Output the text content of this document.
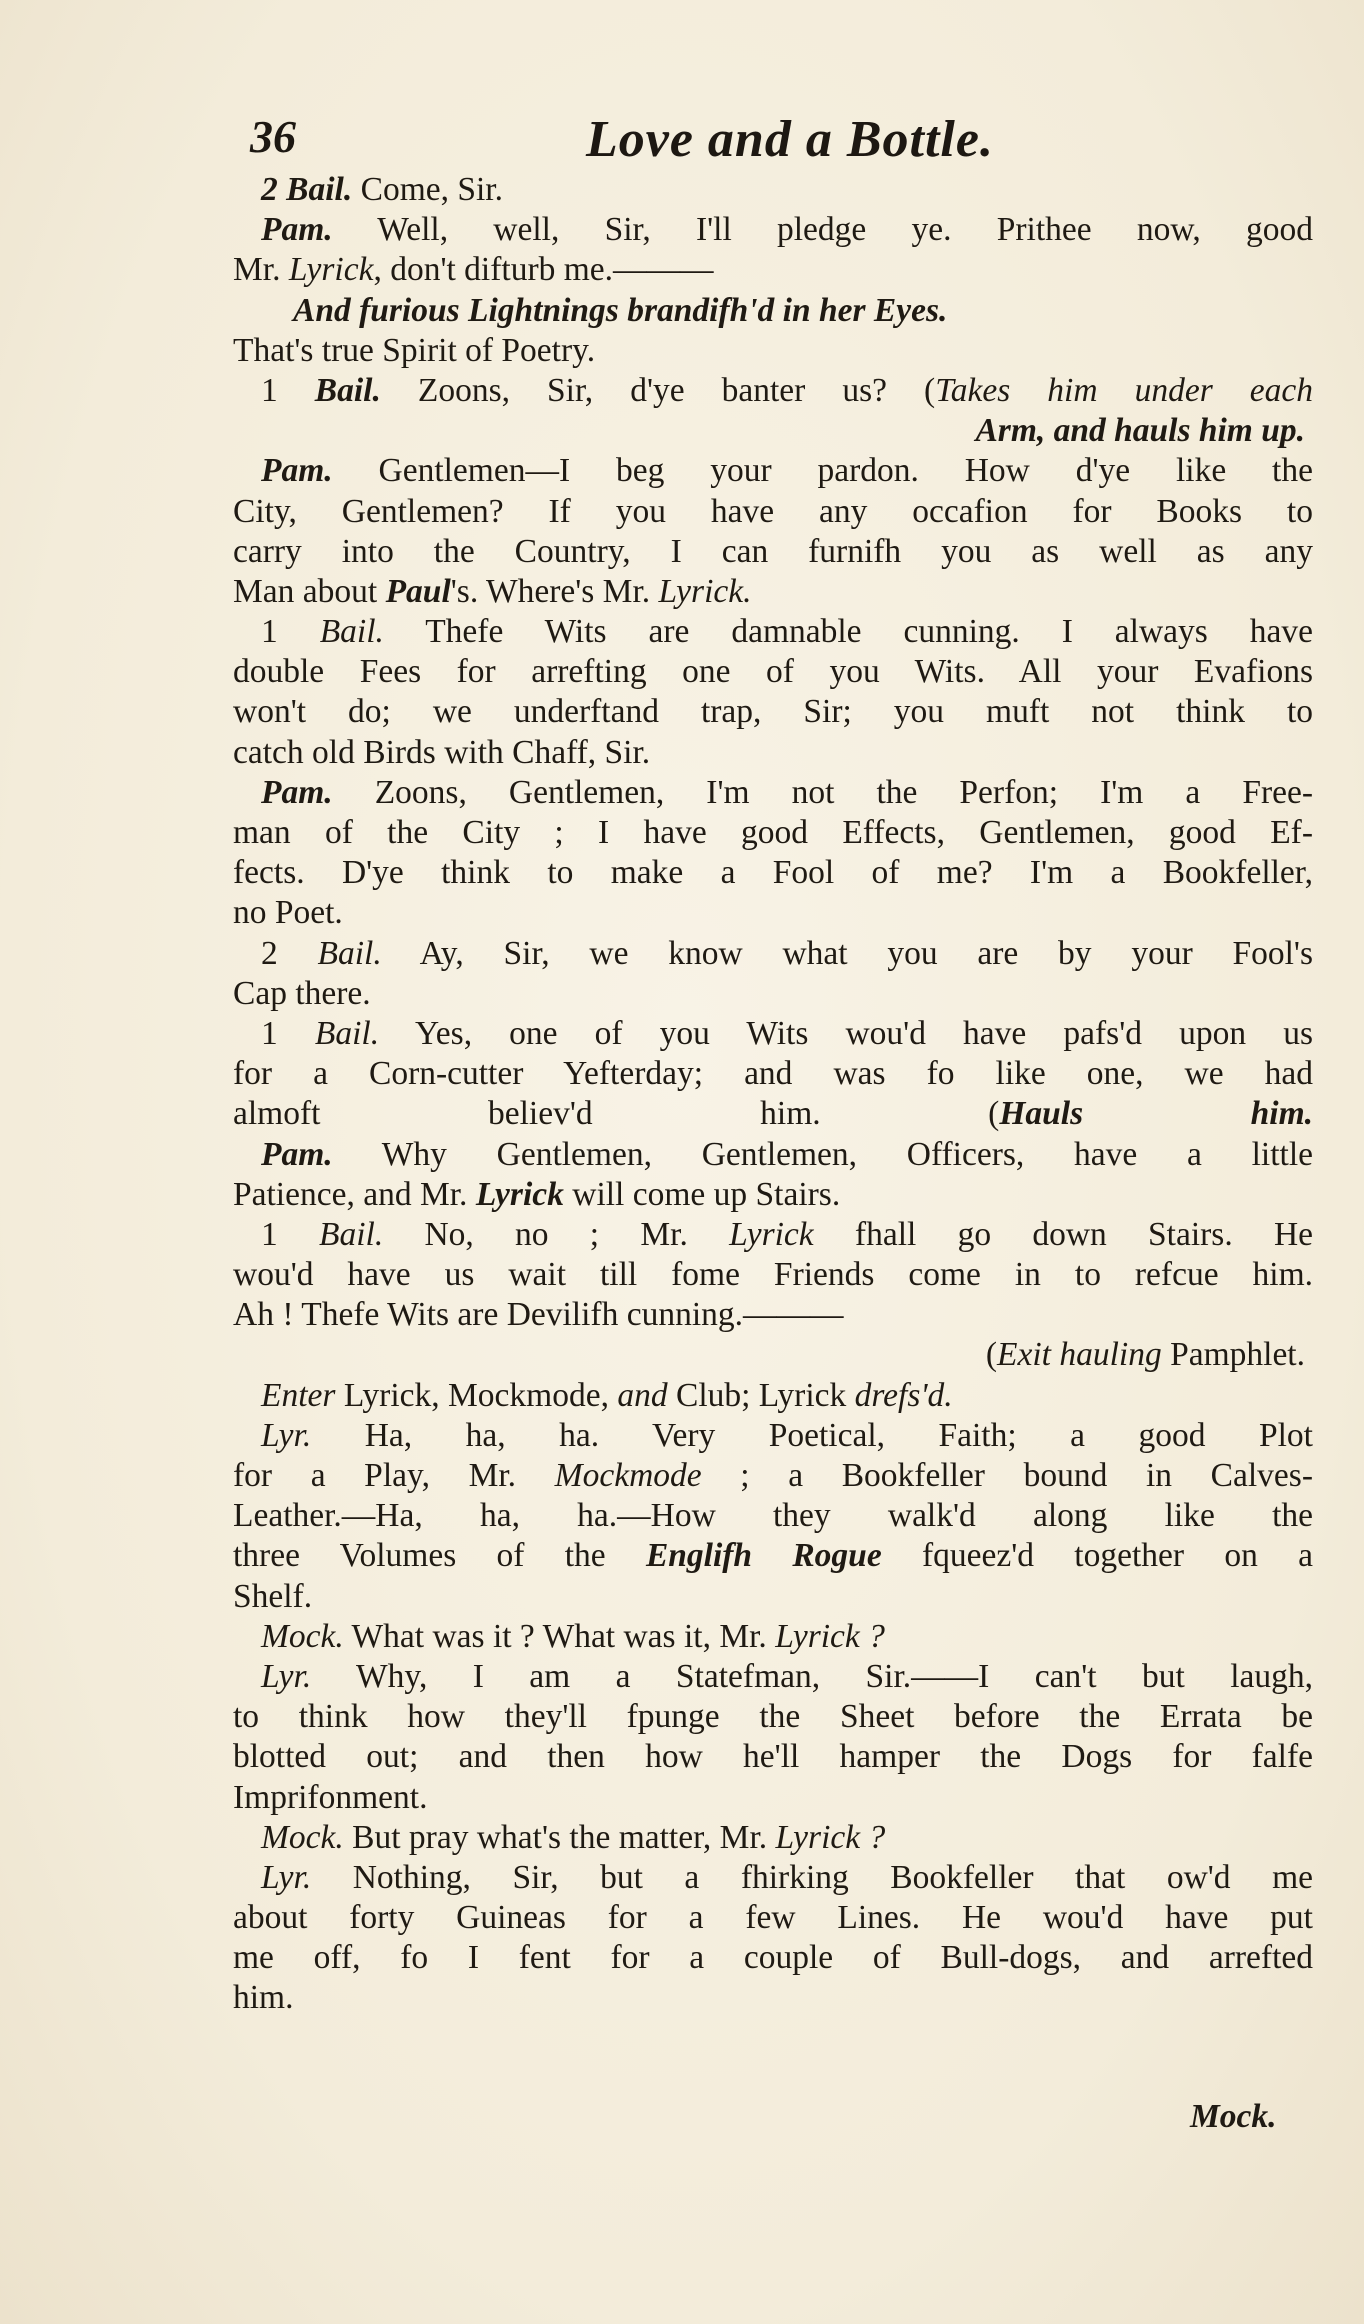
36	Love and a Bottle.
2 Bail. Come, Sir.
Pam. Well, well, Sir, I'll pledge ye. Prithee now, good
Mr. Lyrick, don't difturb me.———
And furious Lightnings brandifh'd in her Eyes.
That's true Spirit of Poetry.
1 Bail. Zoons, Sir, d'ye banter us? (Takes him under each
Arm, and hauls him up.
Pam. Gentlemen—I beg your pardon. How d'ye like the
City, Gentlemen? If you have any occafion for Books to
carry into the Country, I can furnifh you as well as any
Man about Paul's. Where's Mr. Lyrick.
1 Bail. Thefe Wits are damnable cunning. I always have
double Fees for arrefting one of you Wits. All your Evafions
won't do; we underftand trap, Sir; you muft not think to
catch old Birds with Chaff, Sir.
Pam. Zoons, Gentlemen, I'm not the Perfon; I'm a Free-
man of the City ; I have good Effects, Gentlemen, good Ef-
fects. D'ye think to make a Fool of me? I'm a Bookfeller,
no Poet.
2 Bail. Ay, Sir, we know what you are by your Fool's
Cap there.
1 Bail. Yes, one of you Wits wou'd have pafs'd upon us
for a Corn-cutter Yefterday; and was fo like one, we had
almoft believ'd him. (Hauls him.
Pam. Why Gentlemen, Gentlemen, Officers, have a little
Patience, and Mr. Lyrick will come up Stairs.
1 Bail. No, no ; Mr. Lyrick fhall go down Stairs. He
wou'd have us wait till fome Friends come in to refcue him.
Ah ! Thefe Wits are Devilifh cunning.———
(Exit hauling Pamphlet.
Enter Lyrick, Mockmode, and Club; Lyrick drefs'd.
Lyr. Ha, ha, ha. Very Poetical, Faith; a good Plot
for a Play, Mr. Mockmode ; a Bookfeller bound in Calves-
Leather.—Ha, ha, ha.—How they walk'd along like the
three Volumes of the Englifh Rogue fqueez'd together on a
Shelf.
Mock. What was it ? What was it, Mr. Lyrick ?
Lyr. Why, I am a Statefman, Sir.——I can't but laugh,
to think how they'll fpunge the Sheet before the Errata be
blotted out; and then how he'll hamper the Dogs for falfe
Imprifonment.
Mock. But pray what's the matter, Mr. Lyrick ?
Lyr. Nothing, Sir, but a fhirking Bookfeller that ow'd me
about forty Guineas for a few Lines. He wou'd have put
me off, fo I fent for a couple of Bull-dogs, and arrefted
him.
Mock.
